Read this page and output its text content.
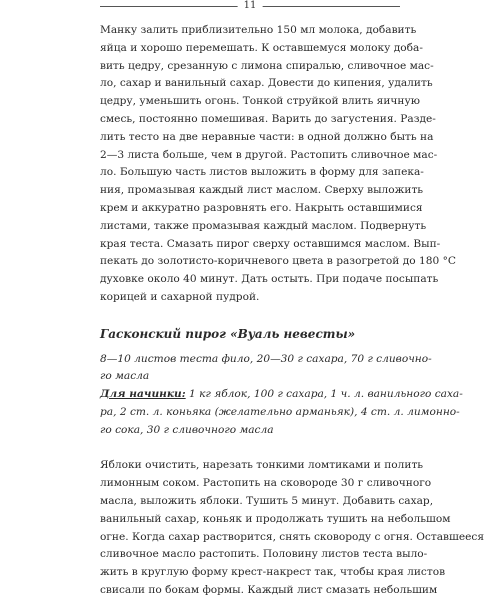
11
Манку залить приблизительно 150 мл молока, добавить
яйца и хорошо перемешать. К оставшемуся молоку доба-
вить цедру, срезанную с лимона спиралью, сливочное мас-
ло, сахар и ванильный сахар. Довести до кипения, удалить
цедру, уменьшить огонь. Тонкой струйкой влить яичную
смесь, постоянно помешивая. Варить до загустения. Разде-
лить тесто на две неравные части: в одной должно быть на
2—3 листа больше, чем в другой. Растопить сливочное мас-
ло. Большую часть листов выложить в форму для запека-
ния, промазывая каждый лист маслом. Сверху выложить
крем и аккуратно разровнять его. Накрыть оставшимися
листами, также промазывая каждый маслом. Подвернуть
края теста. Смазать пирог сверху оставшимся маслом. Вып-
пекать до золотисто-коричневого цвета в разогретой до 180 °C
духовке около 40 минут. Дать остыть. При подаче посыпать
корицей и сахарной пудрой.
Гасконский пирог «Вуаль невесты»
8—10 листов теста фило, 20—30 г сахара, 70 г сливочно-
го масла
Для начинки: 1 кг яблок, 100 г сахара, 1 ч. л. ванильного саха-
ра, 2 ст. л. коньяка (желательно арманьяк), 4 ст. л. лимонно-
го сока, 30 г сливочного масла
Яблоки очистить, нарезать тонкими ломтиками и полить
лимонным соком. Растопить на сковороде 30 г сливочного
масла, выложить яблоки. Тушить 5 минут. Добавить сахар,
ванильный сахар, коньяк и продолжать тушить на небольшом
огне. Когда сахар растворится, снять сковороду с огня. Оставшееся
сливочное масло растопить. Половину листов теста выло-
жить в круглую форму крест-накрест так, чтобы края листов
свисали по бокам формы. Каждый лист смазать небольшим
